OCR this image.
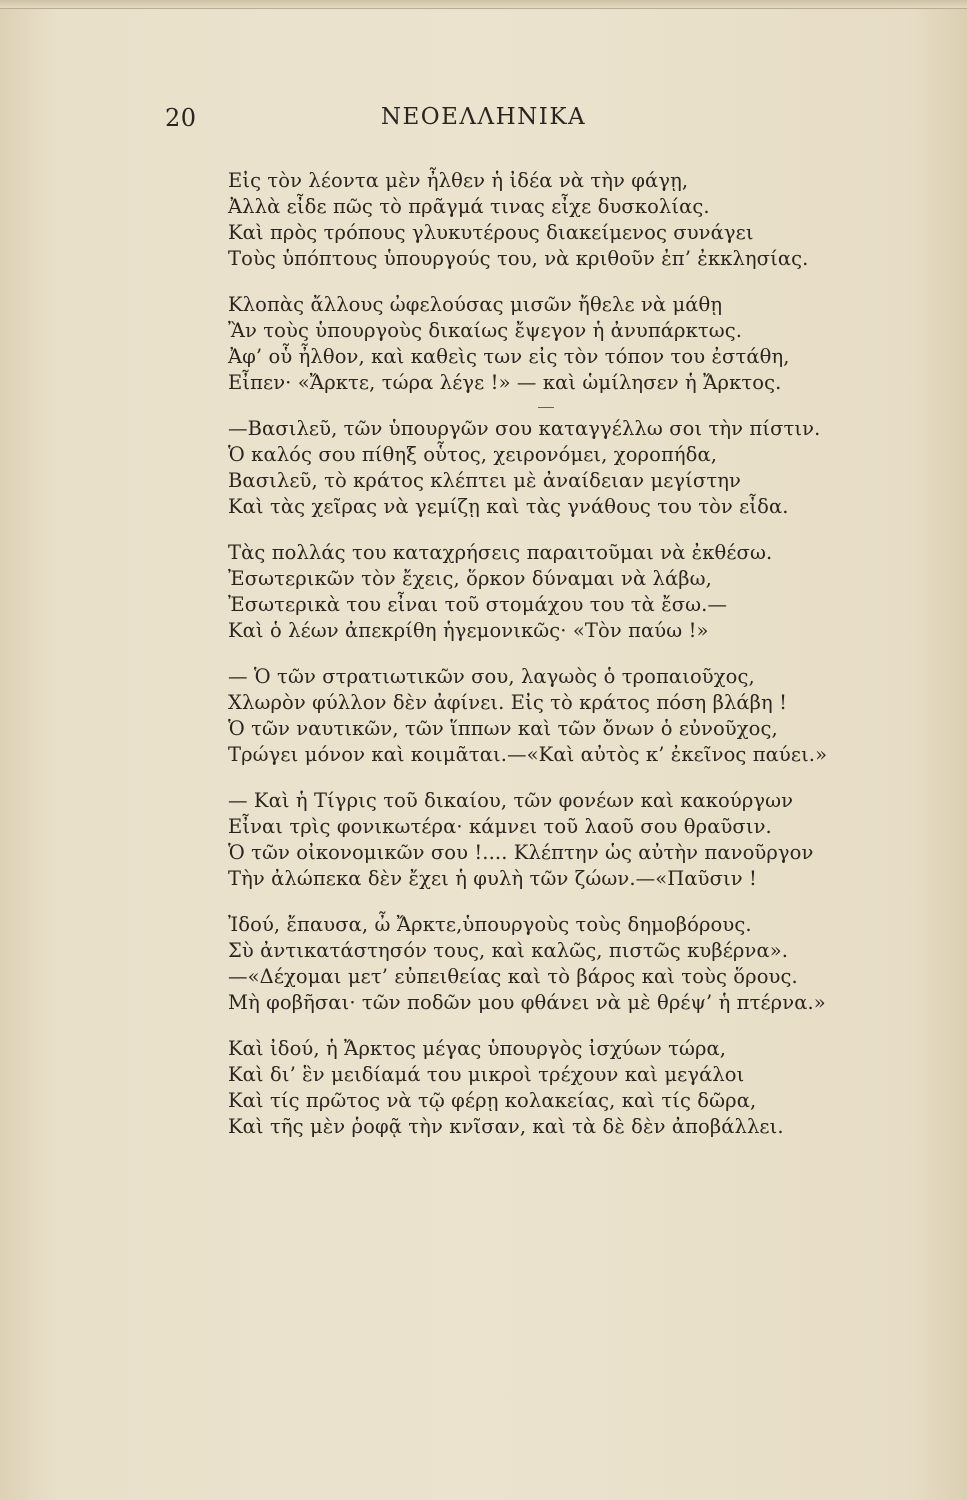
20	ΝΕΟΕΛΛΗΝΙΚΑ
Εἰς τὸν λέοντα μὲν ἦλθεν ἡ ἰδέα νὰ τὴν φάγῃ,
Ἀλλὰ εἶδε πῶς τὸ πρᾶγμά τινας εἶχε δυσκολίας.
Καὶ πρὸς τρόπους γλυκυτέρους διακείμενος συνάγει
Τοὺς ὑπόπτους ὑπουργούς του, νὰ κριθοῦν ἐπ’ ἐκκλησίας.
Κλοπὰς ἄλλους ὠφελούσας μισῶν ἤθελε νὰ μάθῃ
Ἂν τοὺς ὑπουργοὺς δικαίως ἔψεγον ἡ ἀνυπάρκτως.
Ἀφ’ οὗ ἦλθον, καὶ καθεὶς των εἰς τὸν τόπον του ἐστάθη,
Εἶπεν· «Ἄρκτε, τώρα λέγε !» — καὶ ὡμίλησεν ἡ Ἄρκτος.
—Βασιλεῦ, τῶν ὑπουργῶν σου καταγγέλλω σοι τὴν πίστιν.
Ὁ καλός σου πίθηξ οὗτος, χειρονόμει, χοροπήδα,
Βασιλεῦ, τὸ κράτος κλέπτει μὲ ἀναίδειαν μεγίστην
Καὶ τὰς χεῖρας νὰ γεμίζῃ καὶ τὰς γνάθους του τὸν εἶδα.
Τὰς πολλάς του καταχρήσεις παραιτοῦμαι νὰ ἐκθέσω.
Ἐσωτερικῶν τὸν ἔχεις, ὅρκον δύναμαι νὰ λάβω,
Ἐσωτερικὰ του εἶναι τοῦ στομάχου του τὰ ἔσω.—
Καὶ ὁ λέων ἀπεκρίθη ἡγεμονικῶς· «Τὸν παύω !»
— Ὁ τῶν στρατιωτικῶν σου, λαγωὸς ὁ τροπαιοῦχος,
Χλωρὸν φύλλον δὲν ἀφίνει. Εἰς τὸ κράτος πόση βλάβη !
Ὁ τῶν ναυτικῶν, τῶν ἵππων καὶ τῶν ὄνων ὁ εὐνοῦχος,
Τρώγει μόνον καὶ κοιμᾶται.—«Καὶ αὐτὸς κ’ ἐκεῖνος παύει.»
— Καὶ ἡ Τίγρις τοῦ δικαίου, τῶν φονέων καὶ κακούργων
Εἶναι τρὶς φονικωτέρα· κάμνει τοῦ λαοῦ σου θραῦσιν.
Ὁ τῶν οἰκονομικῶν σου !.... Κλέπτην ὡς αὐτὴν πανοῦργον
Τὴν ἀλώπεκα δὲν ἔχει ἡ φυλὴ τῶν ζώων.—«Παῦσιν !
Ἰδού, ἔπαυσα, ὦ Ἄρκτε,ὑπουργοὺς τοὺς δημοβόρους.
Σὺ ἀντικατάστησόν τους, καὶ καλῶς, πιστῶς κυβέρνα».
—«Δέχομαι μετ’ εὐπειθείας καὶ τὸ βάρος καὶ τοὺς ὅρους.
Μὴ φοβῆσαι· τῶν ποδῶν μου φθάνει νὰ μὲ θρέψ’ ἡ πτέρνα.»
Καὶ ἰδού, ἡ Ἄρκτος μέγας ὑπουργὸς ἰσχύων τώρα,
Καὶ δι’ ἓν μειδίαμά του μικροὶ τρέχουν καὶ μεγάλοι
Καὶ τίς πρῶτος νὰ τῷ φέρῃ κολακείας, καὶ τίς δῶρα,
Καὶ τῆς μὲν ῥοφᾷ τὴν κνῖσαν, καὶ τὰ δὲ δὲν ἀποβάλλει.
